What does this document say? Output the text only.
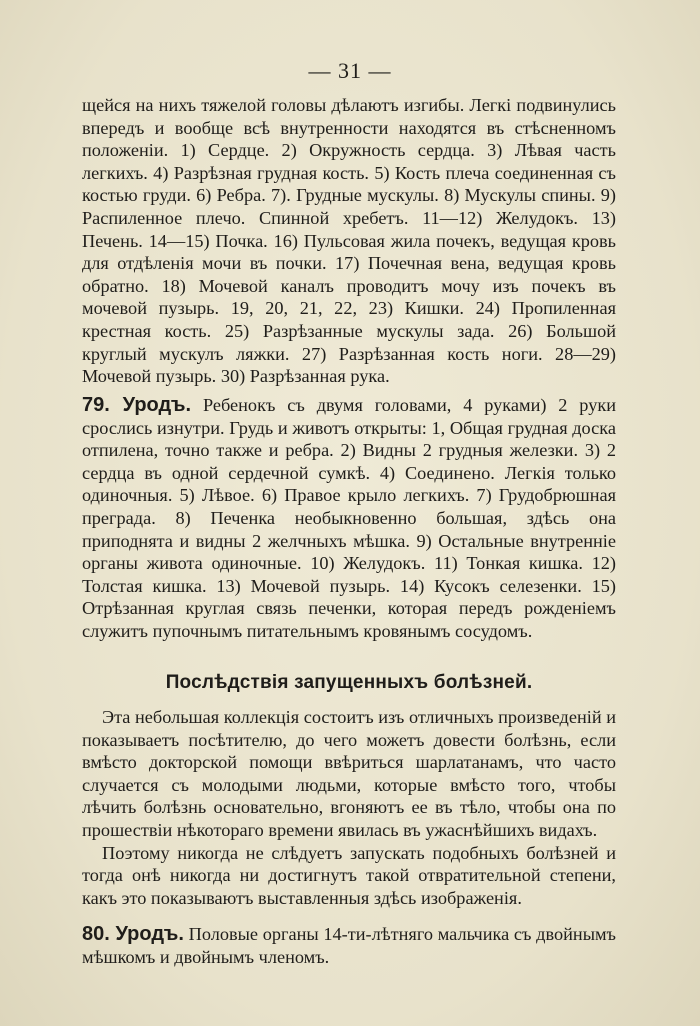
— 31 —

щейся на нихъ тяжелой головы дѣлаютъ изгибы. Легкі подвинулись впередъ и вообще всѣ внутренности находятся въ стѣсненномъ положеніи. 1) Сердце. 2) Окружность сердца. 3) Лѣвая часть легкихъ. 4) Разрѣзная грудная кость. 5) Кость плеча соединенная съ костью груди. 6) Ребра. 7). Грудные мускулы. 8) Мускулы спины. 9) Распиленное плечо. Спинной хребетъ. 11—12) Желудокъ. 13) Печень. 14—15) Почка. 16) Пульсовая жила почекъ, ведущая кровь для отдѣленія мочи въ почки. 17) Почечная вена, ведущая кровь обратно. 18) Мочевой каналъ проводитъ мочу изъ почекъ въ мочевой пузырь. 19, 20, 21, 22, 23) Кишки. 24) Пропиленная крестная кость. 25) Разрѣзанные мускулы зада. 26) Большой круглый мускулъ ляжки. 27) Разрѣзанная кость ноги. 28—29) Мочевой пузырь. 30) Разрѣзанная рука.

79. Уродъ. Ребенокъ съ двумя головами, 4 руками) 2 руки срослись изнутри. Грудь и животъ открыты: 1, Общая грудная доска отпилена, точно также и ребра. 2) Видны 2 грудныя железки. 3) 2 сердца въ одной сердечной сумкѣ. 4) Соединено. Легкія только одиночныя. 5) Лѣвое. 6) Правое крыло легкихъ. 7) Грудобрюшная преграда. 8) Печенка необыкновенно большая, здѣсь она приподнята и видны 2 желчныхъ мѣшка. 9) Остальные внутренніе органы живота одиночные. 10) Желудокъ. 11) Тонкая кишка. 12) Толстая кишка. 13) Мочевой пузырь. 14) Кусокъ селезенки. 15) Отрѣзанная круглая связь печенки, которая передъ рожденіемъ служитъ пупочнымъ питательнымъ кровянымъ сосудомъ.

Послѣдствія запущенныхъ болѣзней.

Эта небольшая коллекція состоитъ изъ отличныхъ произведеній и показываетъ посѣтителю, до чего можетъ довести болѣзнь, если вмѣсто докторской помощи ввѣриться шарлатанамъ, что часто случается съ молодыми людьми, которые вмѣсто того, чтобы лѣчить болѣзнь основательно, вгоняютъ ее въ тѣло, чтобы она по прошествіи нѣкотораго времени явилась въ ужаснѣйшихъ видахъ.

Поэтому никогда не слѣдуетъ запускать подобныхъ болѣзней и тогда онѣ никогда ни достигнутъ такой отвратительной степени, какъ это показываютъ выставленныя здѣсь изображенія.

80. Уродъ. Половые органы 14-ти-лѣтняго мальчика съ двойнымъ мѣшкомъ и двойнымъ членомъ.
